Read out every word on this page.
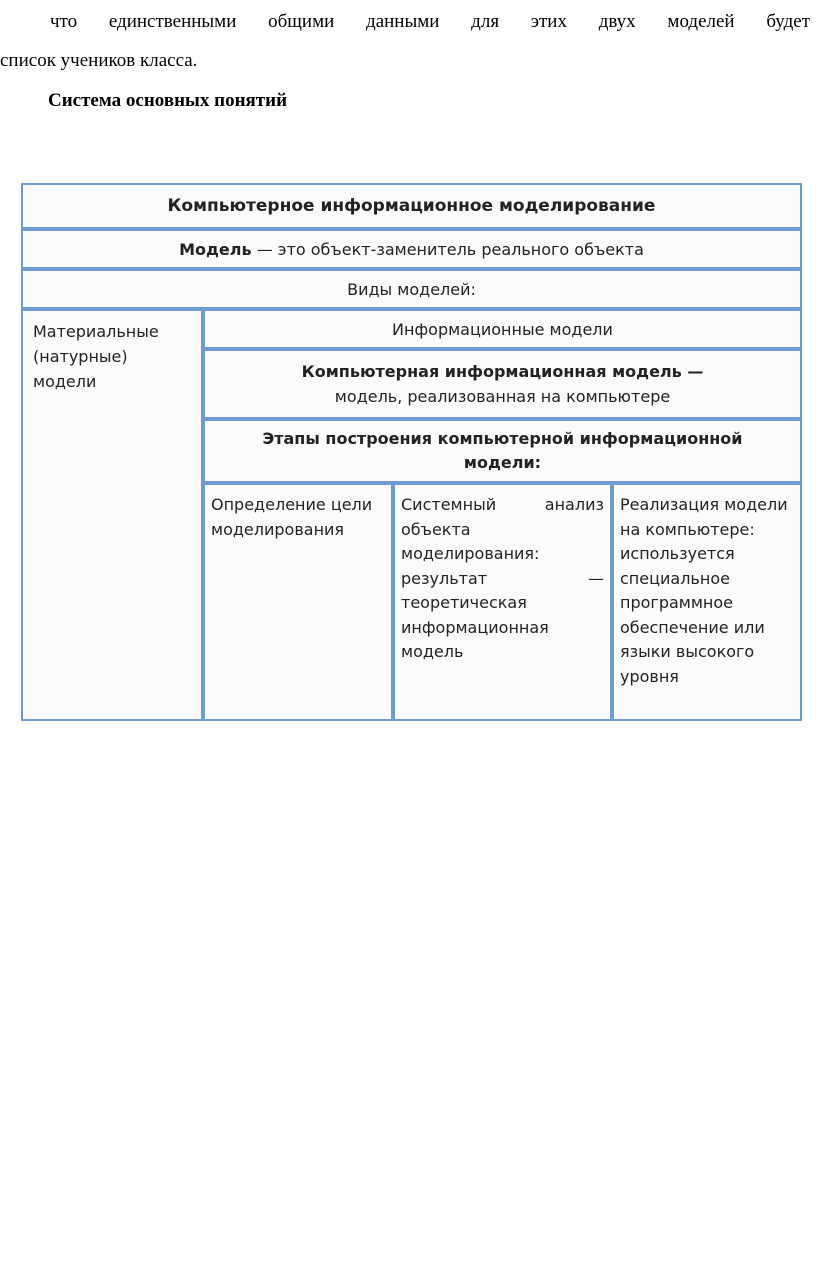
что единственными общими данными для этих двух моделей будет
список учеников класса.
Система основных понятий
Компьютерное информационное моделирование
Модель — это объект-заменитель реального объекта
Виды моделей:
Материальные (натурные) модели
Информационные модели
Компьютерная информационная модель —
модель, реализованная на компьютере
Этапы построения компьютерной информационной модели:
Определение цели моделирования
Системный анализ объекта моделирования: результат — теоретическая информационная модель
Реализация модели на компьютере: используется специальное программное обеспечение или языки высокого уровня
